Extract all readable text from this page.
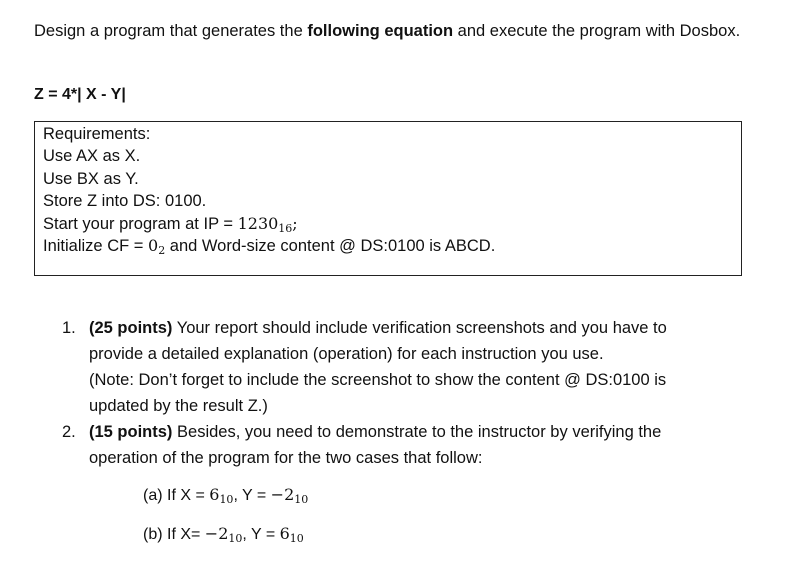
Design a program that generates the following equation and execute the program with Dosbox.

Z = 4*| X - Y|
Requirements:
Use AX as X.
Use BX as Y.
Store Z into DS: 0100.
Start your program at IP = $1230_{16}$;
Initialize CF = $0_2$ and Word-size content @ DS:0100 is ABCD.
1. (25 points) Your report should include verification screenshots and you have to provide a detailed explanation (operation) for each instruction you use.
(Note: Don’t forget to include the screenshot to show the content @ DS:0100 is updated by the result Z.)
2. (15 points) Besides, you need to demonstrate to the instructor by verifying the operation of the program for the two cases that follow:
(a) If $X = 6_{10}$, $Y = -2_{10}$
(b) If $X= -2_{10}$, $Y = 6_{10}$
